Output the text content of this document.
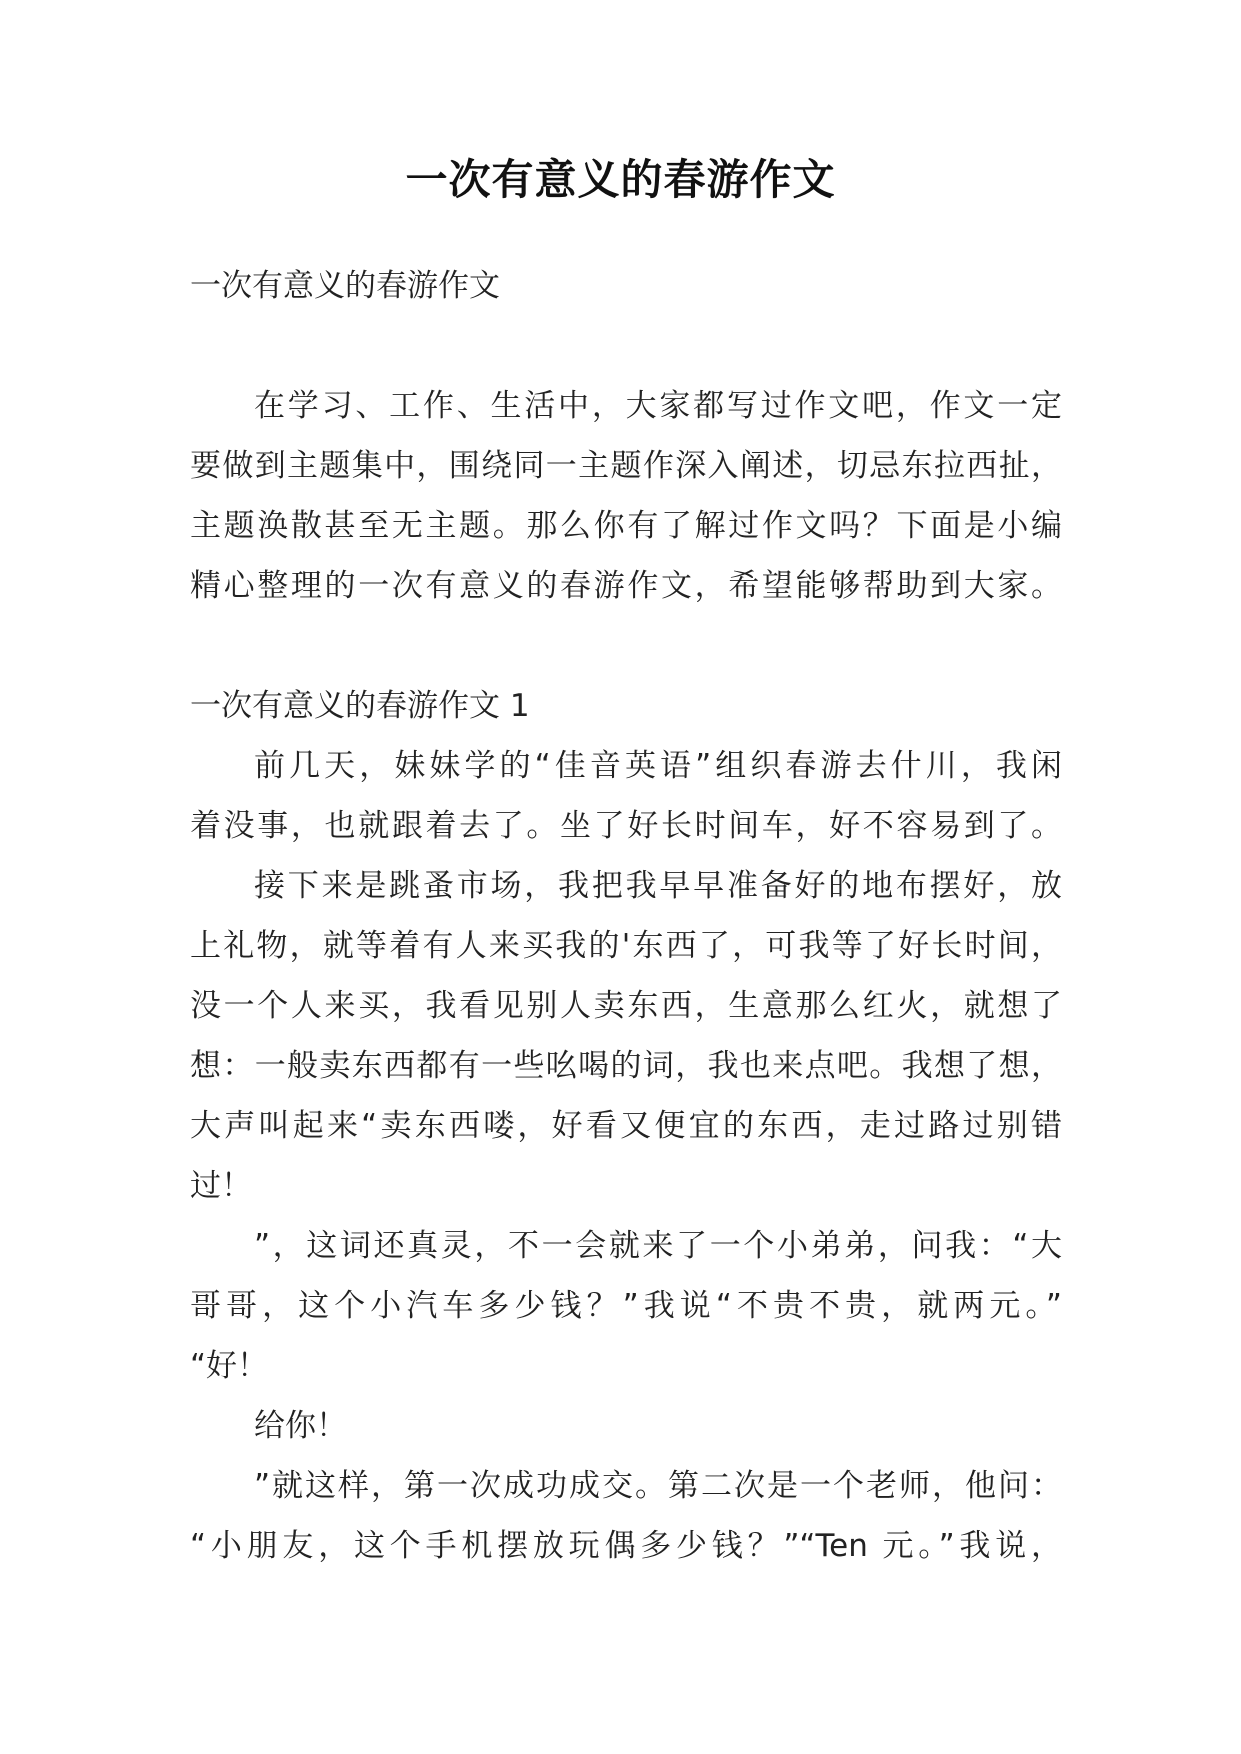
一次有意义的春游作文
一次有意义的春游作文
在学习、工作、生活中，大家都写过作文吧，作文一定
要做到主题集中，围绕同一主题作深入阐述，切忌东拉西扯，
主题涣散甚至无主题。那么你有了解过作文吗？下面是小编
精心整理的一次有意义的春游作文，希望能够帮助到大家。
一次有意义的春游作文 1
前几天，妹妹学的“佳音英语”组织春游去什川，我闲
着没事，也就跟着去了。坐了好长时间车，好不容易到了。
接下来是跳蚤市场，我把我早早准备好的地布摆好，放
上礼物，就等着有人来买我的'东西了，可我等了好长时间，
没一个人来买，我看见别人卖东西，生意那么红火，就想了
想：一般卖东西都有一些吆喝的词，我也来点吧。我想了想，
大声叫起来“卖东西喽，好看又便宜的东西，走过路过别错
过！
”，这词还真灵，不一会就来了一个小弟弟，问我：“大
哥哥，这个小汽车多少钱？”我说“不贵不贵，就两元。”
“好！
给你！
”就这样，第一次成功成交。第二次是一个老师，他问：
“小朋友，这个手机摆放玩偶多少钱？”“Ten 元。”我说，
